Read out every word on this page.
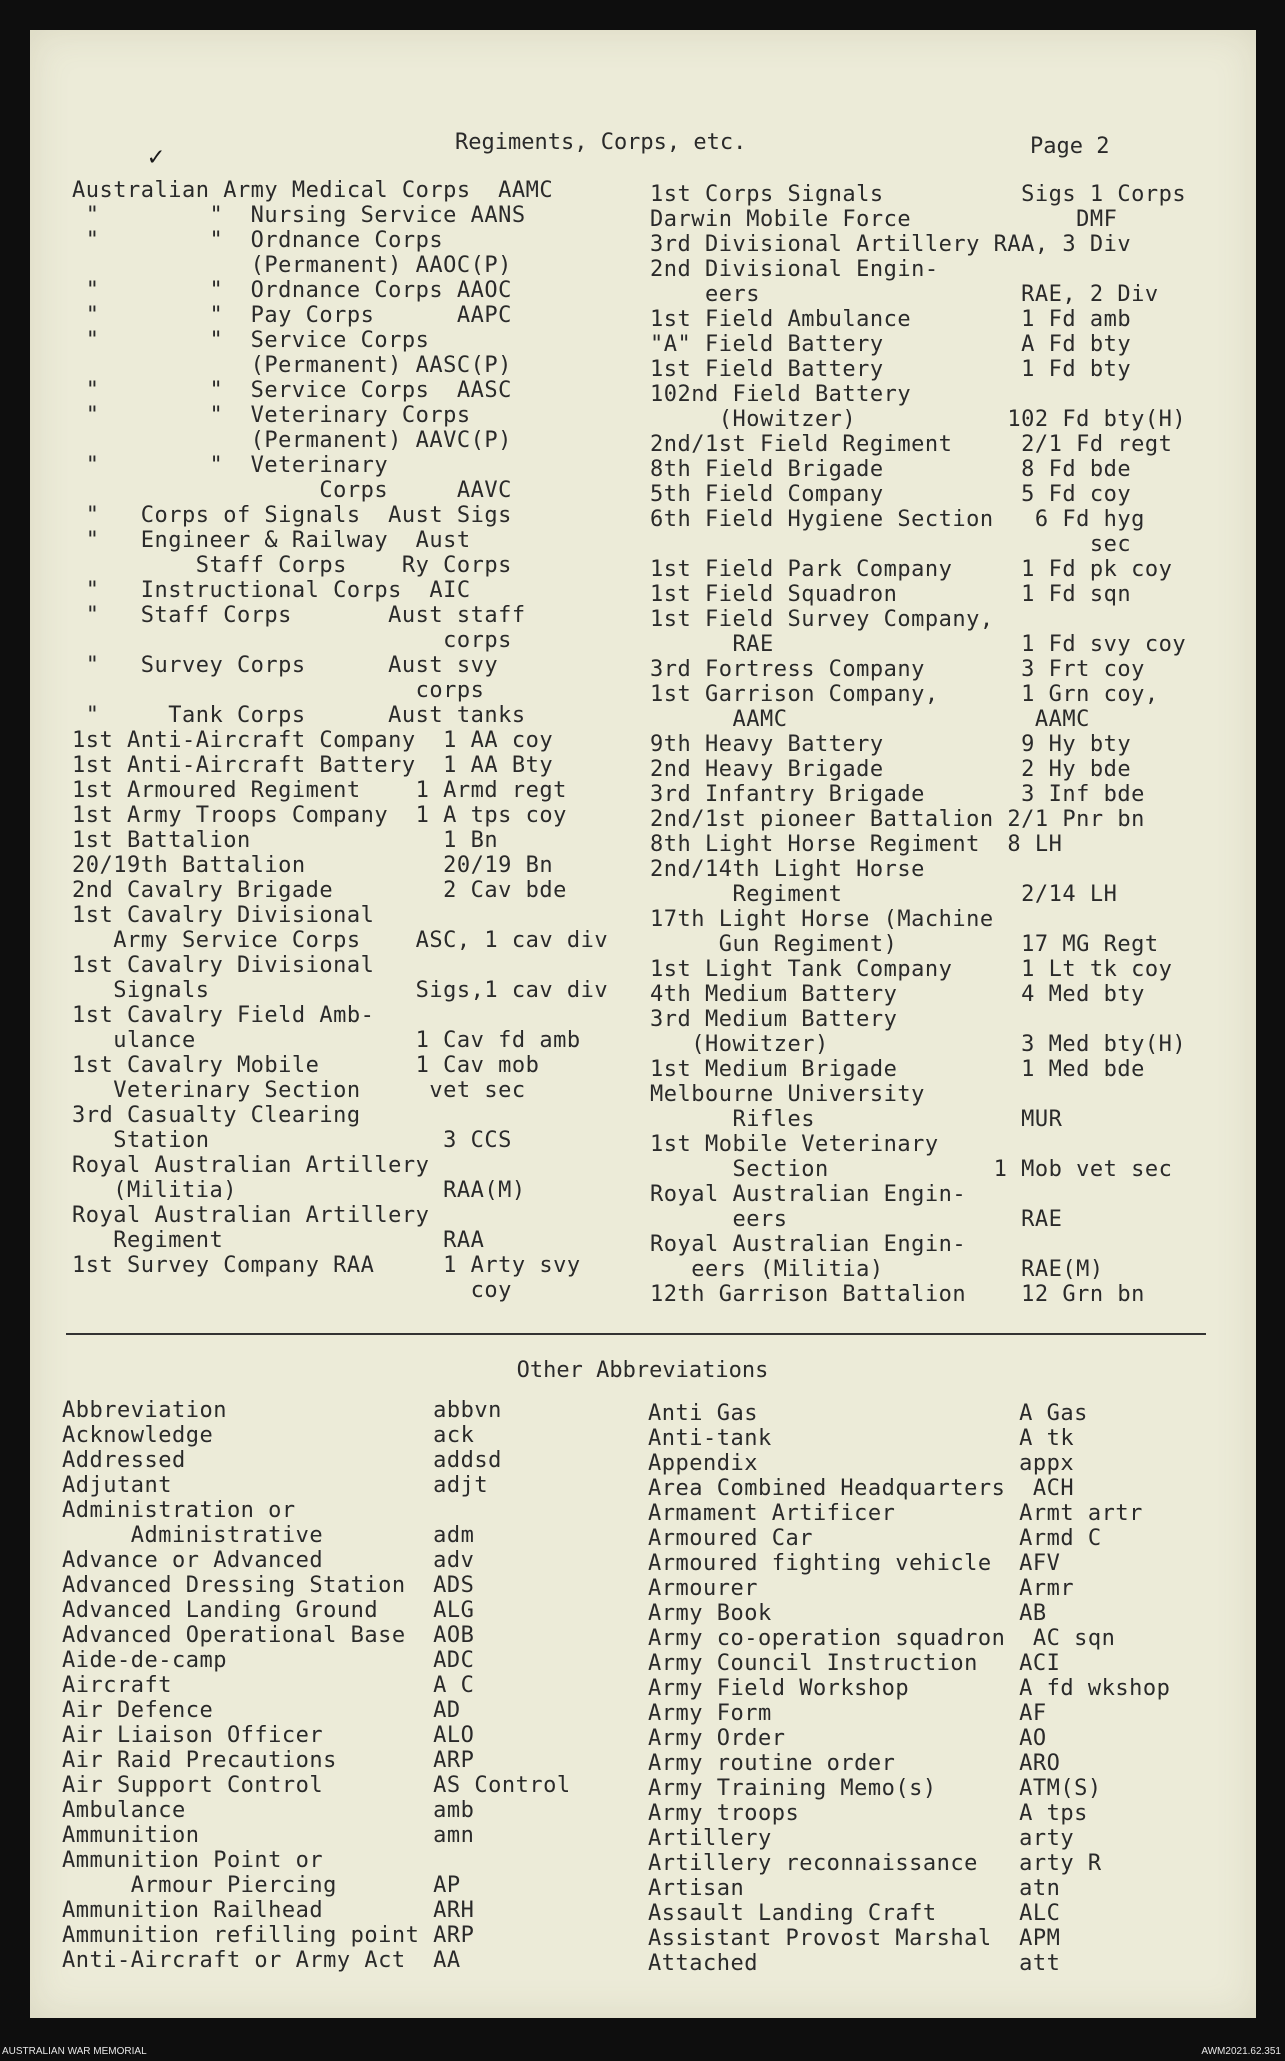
✓	Regiments, Corps, etc.	Page 2
Australian Army Medical Corps  AAMC
"        "  Nursing Service AANS
"        "  Ordnance Corps
(Permanent) AAOC(P)
"        "  Ordnance Corps AAOC
"        "  Pay Corps      AAPC
"        "  Service Corps
(Permanent) AASC(P)
"        "  Service Corps  AASC
"        "  Veterinary Corps
(Permanent) AAVC(P)
"        "  Veterinary
Corps     AAVC
"   Corps of Signals  Aust Sigs
"   Engineer & Railway  Aust
Staff Corps    Ry Corps
"   Instructional Corps  AIC
"   Staff Corps       Aust staff
corps
"   Survey Corps      Aust svy
corps
"     Tank Corps      Aust tanks
1st Anti-Aircraft Company  1 AA coy
1st Anti-Aircraft Battery  1 AA Bty
1st Armoured Regiment    1 Armd regt
1st Army Troops Company  1 A tps coy
1st Battalion              1 Bn
20/19th Battalion          20/19 Bn
2nd Cavalry Brigade        2 Cav bde
1st Cavalry Divisional
Army Service Corps    ASC, 1 cav div
1st Cavalry Divisional
Signals               Sigs,1 cav div
1st Cavalry Field Amb-
ulance                1 Cav fd amb
1st Cavalry Mobile       1 Cav mob
Veterinary Section     vet sec
3rd Casualty Clearing
Station                 3 CCS
Royal Australian Artillery
(Militia)               RAA(M)
Royal Australian Artillery
Regiment                RAA
1st Survey Company RAA     1 Arty svy
coy
1st Corps Signals          Sigs 1 Corps
Darwin Mobile Force            DMF
3rd Divisional Artillery RAA, 3 Div
2nd Divisional Engin-
eers                   RAE, 2 Div
1st Field Ambulance        1 Fd amb
"A" Field Battery          A Fd bty
1st Field Battery          1 Fd bty
102nd Field Battery
(Howitzer)           102 Fd bty(H)
2nd/1st Field Regiment     2/1 Fd regt
8th Field Brigade          8 Fd bde
5th Field Company          5 Fd coy
6th Field Hygiene Section   6 Fd hyg
sec
1st Field Park Company     1 Fd pk coy
1st Field Squadron         1 Fd sqn
1st Field Survey Company,
RAE                  1 Fd svy coy
3rd Fortress Company       3 Frt coy
1st Garrison Company,      1 Grn coy,
AAMC                  AAMC
9th Heavy Battery          9 Hy bty
2nd Heavy Brigade          2 Hy bde
3rd Infantry Brigade       3 Inf bde
2nd/1st pioneer Battalion 2/1 Pnr bn
8th Light Horse Regiment  8 LH
2nd/14th Light Horse
Regiment             2/14 LH
17th Light Horse (Machine
Gun Regiment)         17 MG Regt
1st Light Tank Company     1 Lt tk coy
4th Medium Battery         4 Med bty
3rd Medium Battery
(Howitzer)              3 Med bty(H)
1st Medium Brigade         1 Med bde
Melbourne University
Rifles               MUR
1st Mobile Veterinary
Section            1 Mob vet sec
Royal Australian Engin-
eers                 RAE
Royal Australian Engin-
eers (Militia)          RAE(M)
12th Garrison Battalion    12 Grn bn
Other Abbreviations
Abbreviation               abbvn
Acknowledge                ack
Addressed                  addsd
Adjutant                   adjt
Administration or
Administrative        adm
Advance or Advanced        adv
Advanced Dressing Station  ADS
Advanced Landing Ground    ALG
Advanced Operational Base  AOB
Aide-de-camp               ADC
Aircraft                   A C
Air Defence                AD
Air Liaison Officer        ALO
Air Raid Precautions       ARP
Air Support Control        AS Control
Ambulance                  amb
Ammunition                 amn
Ammunition Point or
Armour Piercing       AP
Ammunition Railhead        ARH
Ammunition refilling point ARP
Anti-Aircraft or Army Act  AA
Anti Gas                   A Gas
Anti-tank                  A tk
Appendix                   appx
Area Combined Headquarters  ACH
Armament Artificer         Armt artr
Armoured Car               Armd C
Armoured fighting vehicle  AFV
Armourer                   Armr
Army Book                  AB
Army co-operation squadron  AC sqn
Army Council Instruction   ACI
Army Field Workshop        A fd wkshop
Army Form                  AF
Army Order                 AO
Army routine order         ARO
Army Training Memo(s)      ATM(S)
Army troops                A tps
Artillery                  arty
Artillery reconnaissance   arty R
Artisan                    atn
Assault Landing Craft      ALC
Assistant Provost Marshal  APM
Attached                   att
AUSTRALIAN WAR MEMORIAL	AWM2021.62.351
